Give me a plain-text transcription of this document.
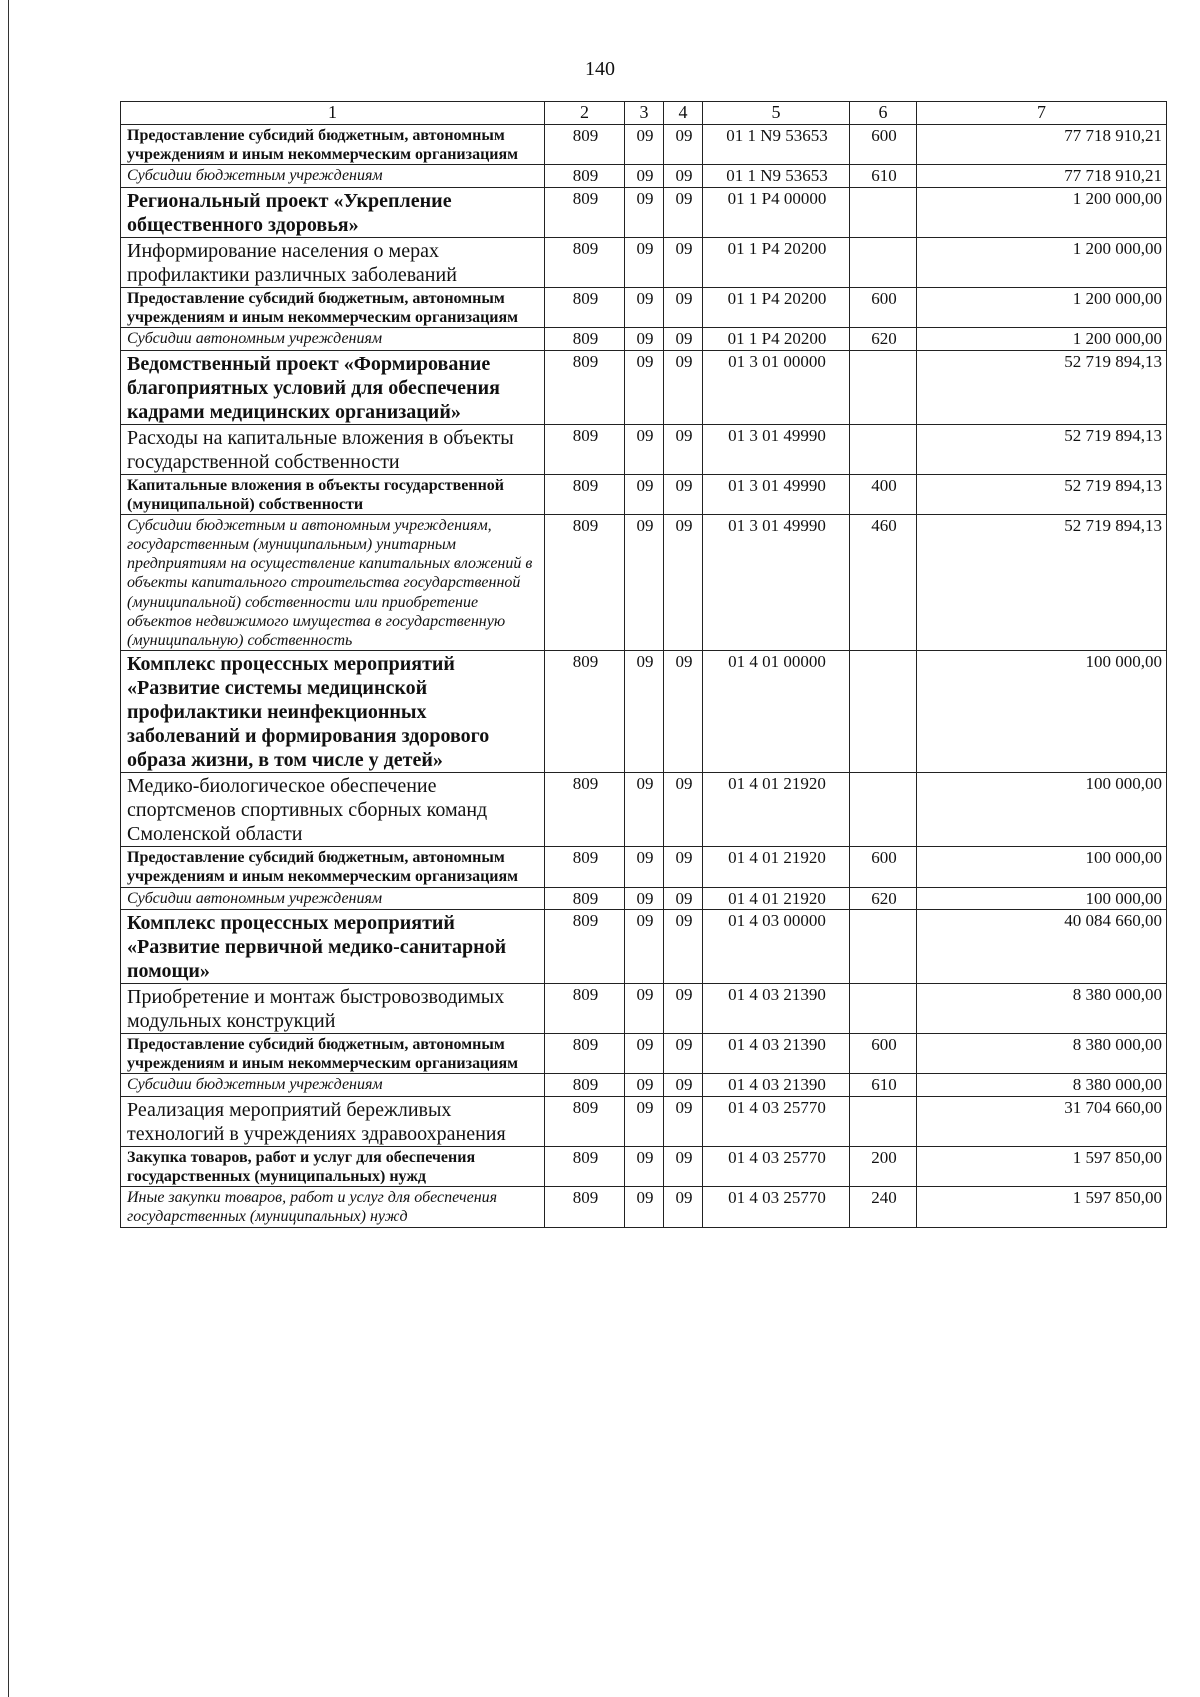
140
1	2	3	4	5	6	7
Предоставление субсидий бюджетным, автономным учреждениям и иным некоммерческим организациям	809	09	09	01 1 N9 53653	600	77 718 910,21
Субсидии бюджетным учреждениям	809	09	09	01 1 N9 53653	610	77 718 910,21
Региональный проект «Укрепление общественного здоровья»	809	09	09	01 1 P4 00000		1 200 000,00
Информирование населения о мерах профилактики различных заболеваний	809	09	09	01 1 P4 20200		1 200 000,00
Предоставление субсидий бюджетным, автономным учреждениям и иным некоммерческим организациям	809	09	09	01 1 P4 20200	600	1 200 000,00
Субсидии автономным учреждениям	809	09	09	01 1 P4 20200	620	1 200 000,00
Ведомственный проект «Формирование благоприятных условий для обеспечения кадрами медицинских организаций»	809	09	09	01 3 01 00000		52 719 894,13
Расходы на капитальные вложения в объекты государственной собственности	809	09	09	01 3 01 49990		52 719 894,13
Капитальные вложения в объекты государственной (муниципальной) собственности	809	09	09	01 3 01 49990	400	52 719 894,13
Субсидии бюджетным и автономным учреждениям, государственным (муниципальным) унитарным предприятиям на осуществление капитальных вложений в объекты капитального строительства государственной (муниципальной) собственности или приобретение объектов недвижимого имущества в государственную (муниципальную) собственность	809	09	09	01 3 01 49990	460	52 719 894,13
Комплекс процессных мероприятий «Развитие системы медицинской профилактики неинфекционных заболеваний и формирования здорового образа жизни, в том числе у детей»	809	09	09	01 4 01 00000		100 000,00
Медико-биологическое обеспечение спортсменов спортивных сборных команд Смоленской области	809	09	09	01 4 01 21920		100 000,00
Предоставление субсидий бюджетным, автономным учреждениям и иным некоммерческим организациям	809	09	09	01 4 01 21920	600	100 000,00
Субсидии автономным учреждениям	809	09	09	01 4 01 21920	620	100 000,00
Комплекс процессных мероприятий «Развитие первичной медико-санитарной помощи»	809	09	09	01 4 03 00000		40 084 660,00
Приобретение и монтаж быстровозводимых модульных конструкций	809	09	09	01 4 03 21390		8 380 000,00
Предоставление субсидий бюджетным, автономным учреждениям и иным некоммерческим организациям	809	09	09	01 4 03 21390	600	8 380 000,00
Субсидии бюджетным учреждениям	809	09	09	01 4 03 21390	610	8 380 000,00
Реализация мероприятий бережливых технологий в учреждениях здравоохранения	809	09	09	01 4 03 25770		31 704 660,00
Закупка товаров, работ и услуг для обеспечения государственных (муниципальных) нужд	809	09	09	01 4 03 25770	200	1 597 850,00
Иные закупки товаров, работ и услуг для обеспечения государственных (муниципальных) нужд	809	09	09	01 4 03 25770	240	1 597 850,00
